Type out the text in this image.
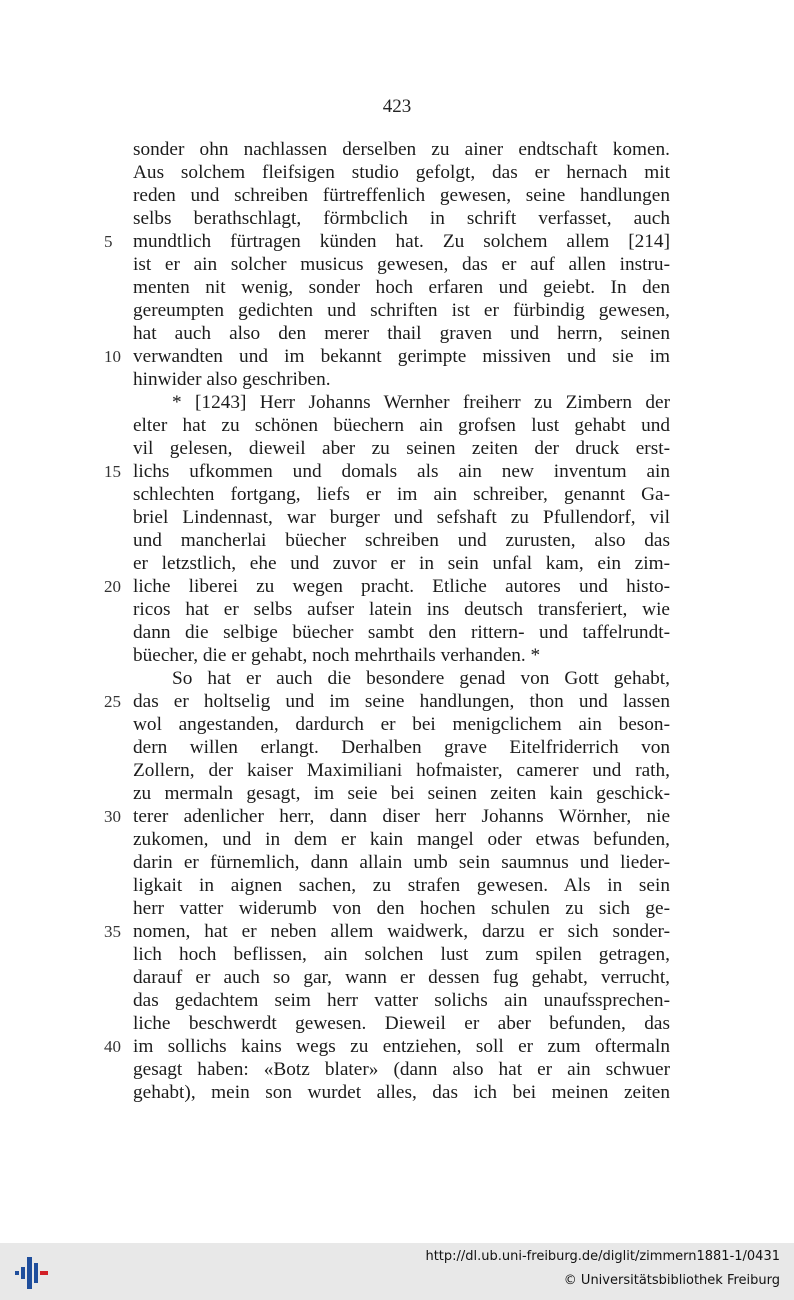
423
sonder ohn nachlassen derselben zu ainer endtschaft komen.
Aus solchem fleifsigen studio gefolgt, das er hernach mit
reden und schreiben fürtreffenlich gewesen, seine handlungen
selbs berathschlagt, förmbclich in schrift verfasset, auch
5	mundtlich fürtragen künden hat. Zu solchem allem [214]
ist er ain solcher musicus gewesen, das er auf allen instru-
menten nit wenig, sonder hoch erfaren und geiebt. In den
gereumpten gedichten und schriften ist er fürbindig gewesen,
hat auch also den merer thail graven und herrn, seinen
10 verwandten und im bekannt gerimpte missiven und sie im
hinwider also geschriben.
* [1243] Herr Johanns Wernher freiherr zu Zimbern der
elter hat zu schönen büechern ain grofsen lust gehabt und
vil gelesen, dieweil aber zu seinen zeiten der druck erst-
15 lichs ufkommen und domals als ain new inventum ain
schlechten fortgang, liefs er im ain schreiber, genannt Ga-
briel Lindennast, war burger und sefshaft zu Pfullendorf, vil
und mancherlai büecher schreiben und zurusten, also das
er letzstlich, ehe und zuvor er in sein unfal kam, ein zim-
20 liche liberei zu wegen pracht. Etliche autores und histo-
ricos hat er selbs aufser latein ins deutsch transferiert, wie
dann die selbige büecher sambt den rittern- und taffelrundt-
büecher, die er gehabt, noch mehrthails verhanden. *
So hat er auch die besondere genad von Gott gehabt,
25 das er holtselig und im seine handlungen, thon und lassen
wol angestanden, dardurch er bei menigclichem ain beson-
dern willen erlangt. Derhalben grave Eitelfriderrich von
Zollern, der kaiser Maximiliani hofmaister, camerer und rath,
zu mermaln gesagt, im seie bei seinen zeiten kain geschick-
30 terer adenlicher herr, dann diser herr Johanns Wörnher, nie
zukomen, und in dem er kain mangel oder etwas befunden,
darin er fürnemlich, dann allain umb sein saumnus und lieder-
ligkait in aignen sachen, zu strafen gewesen. Als in sein
herr vatter widerumb von den hochen schulen zu sich ge-
35 nomen, hat er neben allem waidwerk, darzu er sich sonder-
lich hoch beflissen, ain solchen lust zum spilen getragen,
darauf er auch so gar, wann er dessen fug gehabt, verrucht,
das gedachtem seim herr vatter solichs ain unaufssprechen-
liche beschwerdt gewesen. Dieweil er aber befunden, das
40 im sollichs kains wegs zu entziehen, soll er zum oftermaln
gesagt haben: «Botz blater» (dann also hat er ain schwuer
gehabt), mein son wurdet alles, das ich bei meinen zeiten
http://dl.ub.uni-freiburg.de/diglit/zimmern1881-1/0431
© Universitätsbibliothek Freiburg
